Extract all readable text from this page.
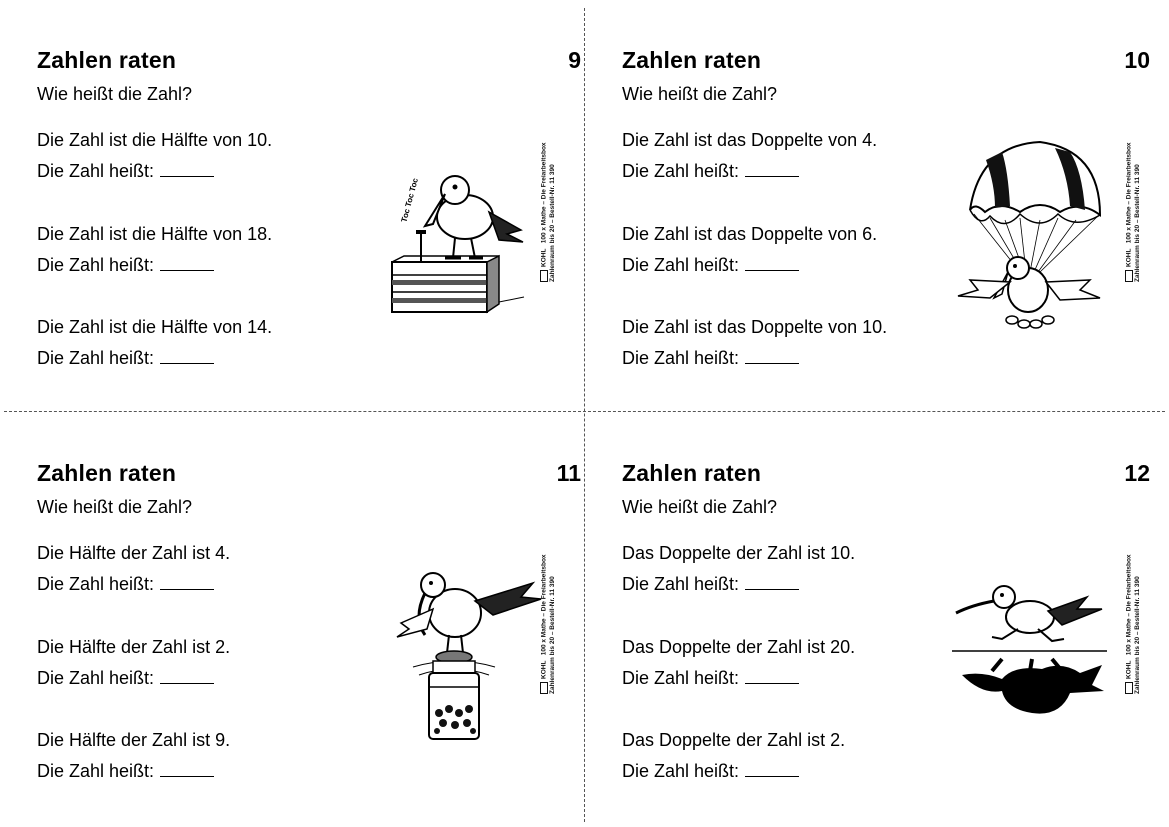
Zahlen raten	9
Wie heißt die Zahl?
Die Zahl ist die Hälfte von 10.
Die Zahl heißt:
Die Zahl ist die Hälfte von 18.
Die Zahl heißt:
Die Zahl ist die Hälfte von 14.
Die Zahl heißt:
Toc Toc Toc
KOHL   100 x Mathe – Die Freiarbeitsbox Zahlenraum bis 20 – Bestell-Nr. 11 390
Zahlen raten	10
Wie heißt die Zahl?
Die Zahl ist das Doppelte von 4.
Die Zahl heißt:
Die Zahl ist das Doppelte von 6.
Die Zahl heißt:
Die Zahl ist das Doppelte von 10.
Die Zahl heißt:
KOHL   100 x Mathe – Die Freiarbeitsbox Zahlenraum bis 20 – Bestell-Nr. 11 390
Zahlen raten	11
Wie heißt die Zahl?
Die Hälfte der Zahl ist 4.
Die Zahl heißt:
Die Hälfte der Zahl ist 2.
Die Zahl heißt:
Die Hälfte der Zahl ist 9.
Die Zahl heißt:
KOHL   100 x Mathe – Die Freiarbeitsbox Zahlenraum bis 20 – Bestell-Nr. 11 390
Zahlen raten	12
Wie heißt die Zahl?
Das Doppelte der Zahl ist 10.
Die Zahl heißt:
Das Doppelte der Zahl ist 20.
Die Zahl heißt:
Das Doppelte der Zahl ist 2.
Die Zahl heißt:
KOHL   100 x Mathe – Die Freiarbeitsbox Zahlenraum bis 20 – Bestell-Nr. 11 390
